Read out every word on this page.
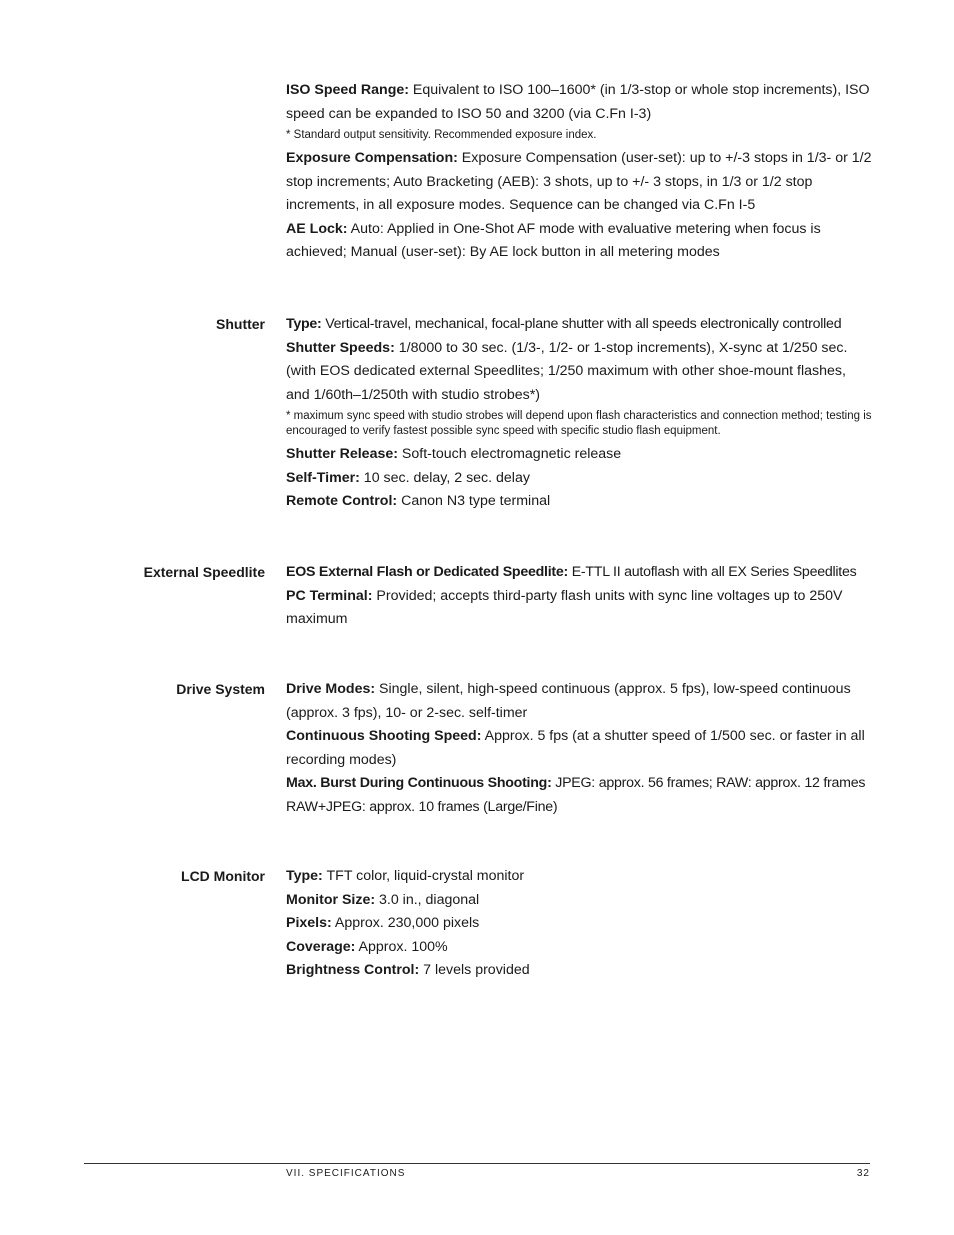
ISO Speed Range: Equivalent to ISO 100–1600* (in 1/3-stop or whole stop increments), ISO speed can be expanded to ISO 50 and 3200 (via C.Fn I-3)

* Standard output sensitivity. Recommended exposure index.

Exposure Compensation: Exposure Compensation (user-set): up to +/-3 stops in 1/3- or 1/2 stop increments; Auto Bracketing (AEB): 3 shots, up to +/- 3 stops, in 1/3 or 1/2 stop increments, in all exposure modes. Sequence can be changed via C.Fn I-5

AE Lock: Auto: Applied in One-Shot AF mode with evaluative metering when focus is achieved; Manual (user-set): By AE lock button in all metering modes

Shutter Type: Vertical-travel, mechanical, focal-plane shutter with all speeds electronically controlled

Shutter Speeds: 1/8000 to 30 sec. (1/3-, 1/2- or 1-stop increments), X-sync at 1/250 sec. (with EOS dedicated external Speedlites; 1/250 maximum with other shoe-mount flashes, and 1/60th–1/250th with studio strobes*)

* maximum sync speed with studio strobes will depend upon flash characteristics and connection method; testing is encouraged to verify fastest possible sync speed with specific studio flash equipment.

Shutter Release: Soft-touch electromagnetic release

Self-Timer: 10 sec. delay, 2 sec. delay

Remote Control: Canon N3 type terminal

External Speedlite EOS External Flash or Dedicated Speedlite: E-TTL II autoflash with all EX Series Speedlites

PC Terminal: Provided; accepts third-party flash units with sync line voltages up to 250V maximum

Drive System Drive Modes: Single, silent, high-speed continuous (approx. 5 fps), low-speed continuous (approx. 3 fps), 10- or 2-sec. self-timer

Continuous Shooting Speed: Approx. 5 fps (at a shutter speed of 1/500 sec. or faster in all recording modes)

Max. Burst During Continuous Shooting: JPEG: approx. 56 frames; RAW: approx. 12 frames RAW+JPEG: approx. 10 frames (Large/Fine)

LCD Monitor Type: TFT color, liquid-crystal monitor

Monitor Size: 3.0 in., diagonal

Pixels: Approx. 230,000 pixels

Coverage: Approx. 100%

Brightness Control: 7 levels provided

VII. SPECIFICATIONS	32
